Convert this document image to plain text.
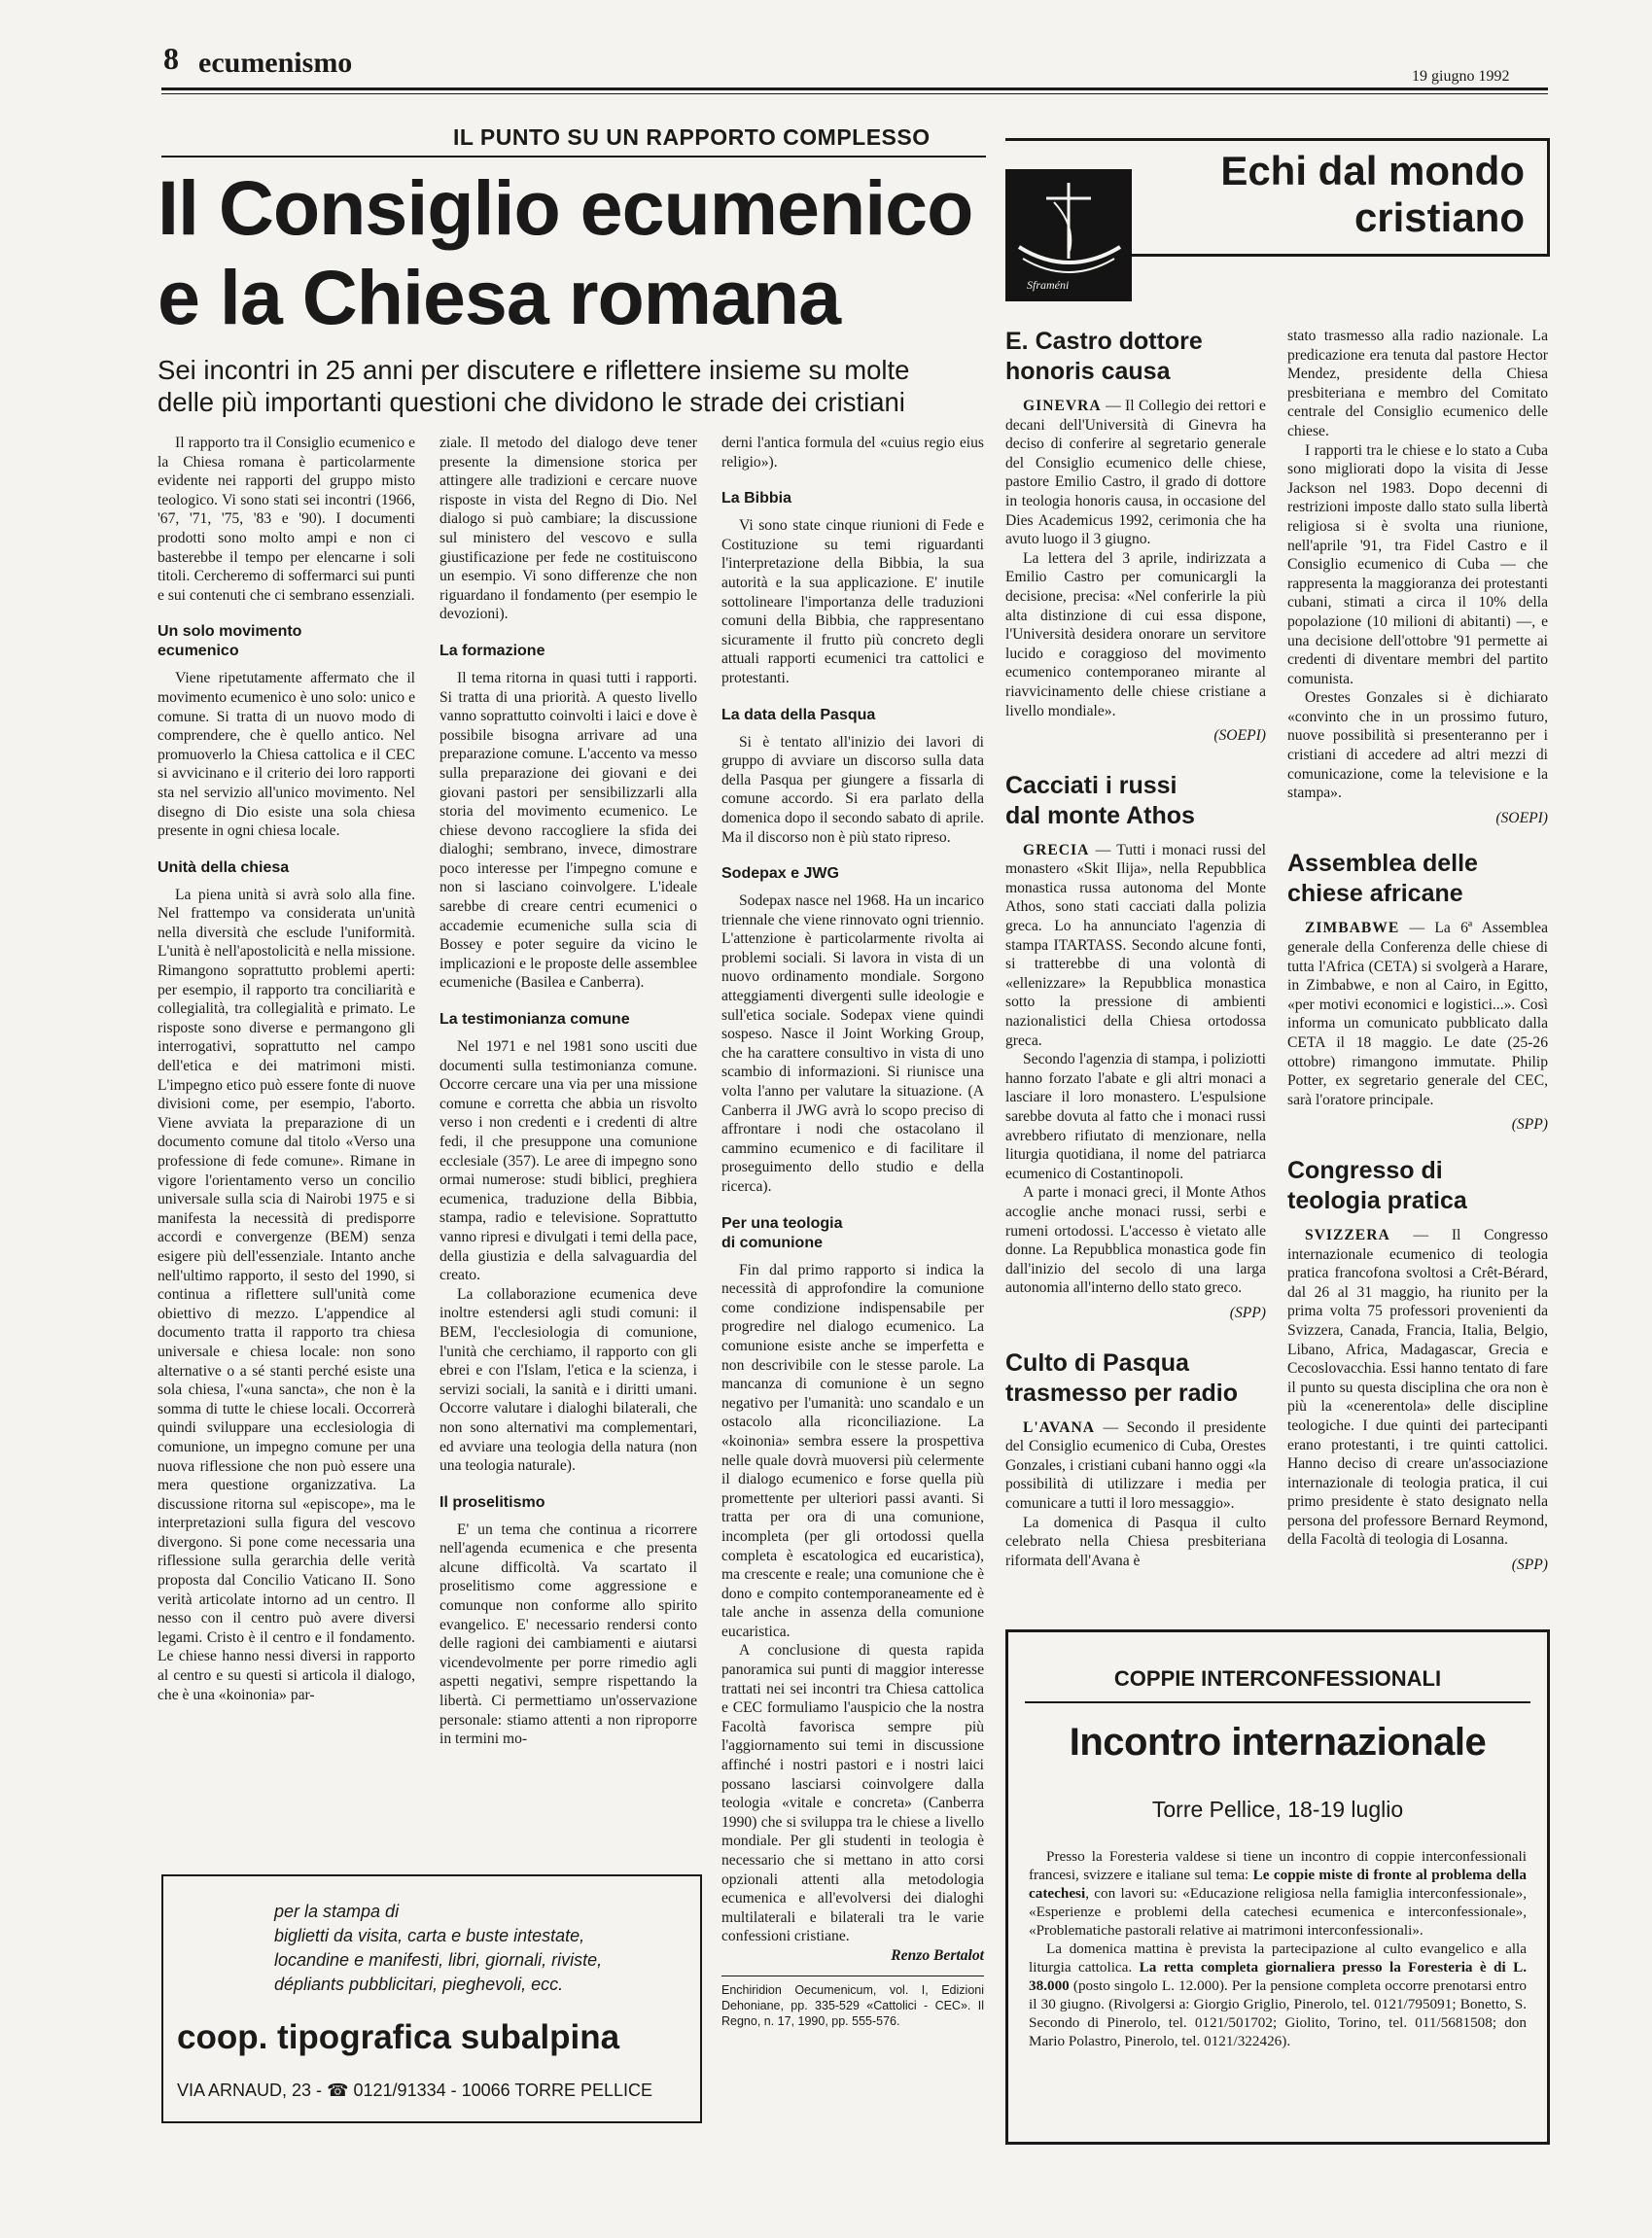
8 ecumenismo	19 giugno 1992
IL PUNTO SU UN RAPPORTO COMPLESSO
Il Consiglio ecumenico
e la Chiesa romana
Sei incontri in 25 anni per discutere e riflettere insieme su molte
delle più importanti questioni che dividono le strade dei cristiani

Il rapporto tra il Consiglio ecumenico e la Chiesa romana è particolarmente evidente nei rapporti del gruppo misto teologico. Vi sono stati sei incontri (1966, '67, '71, '75, '83 e '90). I documenti prodotti sono molto ampi e non ci basterebbe il tempo per elencarne i soli titoli. Cercheremo di soffermarci sui punti e sui contenuti che ci sembrano essenziali.

Un solo movimento
ecumenico

Viene ripetutamente affermato che il movimento ecumenico è uno solo: unico e comune. Si tratta di un nuovo modo di comprendere, che è quello antico. Nel promuoverlo la Chiesa cattolica e il CEC si avvicinano e il criterio dei loro rapporti sta nel servizio all'unico movimento. Nel disegno di Dio esiste una sola chiesa presente in ogni chiesa locale.

Unità della chiesa

La piena unità si avrà solo alla fine. Nel frattempo va considerata un'unità nella diversità che esclude l'uniformità. L'unità è nell'apostolicità e nella missione. Rimangono soprattutto problemi aperti: per esempio, il rapporto tra conciliarità e collegialità, tra collegialità e primato. Le risposte sono diverse e permangono gli interrogativi, soprattutto nel campo dell'etica e dei matrimoni misti. L'impegno etico può essere fonte di nuove divisioni come, per esempio, l'aborto. Viene avviata la preparazione di un documento comune dal titolo «Verso una professione di fede comune». Rimane in vigore l'orientamento verso un concilio universale sulla scia di Nairobi 1975 e si manifesta la necessità di predisporre accordi e convergenze (BEM) senza esigere più dell'essenziale. Intanto anche nell'ultimo rapporto, il sesto del 1990, si continua a riflettere sull'unità come obiettivo di mezzo. L'appendice al documento tratta il rapporto tra chiesa universale e chiesa locale: non sono alternative o a sé stanti perché esiste una sola chiesa, l'«una sancta», che non è la somma di tutte le chiese locali. Occorrerà quindi sviluppare una ecclesiologia di comunione, un impegno comune per una nuova riflessione che non può essere una mera questione organizzativa. La discussione ritorna sul «episcope», ma le interpretazioni sulla figura del vescovo divergono. Si pone come necessaria una riflessione sulla gerarchia delle verità proposta dal Concilio Vaticano II. Sono verità articolate intorno ad un centro. Il nesso con il centro può avere diversi legami. Cristo è il centro e il fondamento. Le chiese hanno nessi diversi in rapporto al centro e su questi si articola il dialogo, che è una «koinonia» par-

ziale. Il metodo del dialogo deve tener presente la dimensione storica per attingere alle tradizioni e cercare nuove risposte in vista del Regno di Dio. Nel dialogo si può cambiare; la discussione sul ministero del vescovo e sulla giustificazione per fede ne costituiscono un esempio. Vi sono differenze che non riguardano il fondamento (per esempio le devozioni).

La formazione

Il tema ritorna in quasi tutti i rapporti. Si tratta di una priorità. A questo livello vanno soprattutto coinvolti i laici e dove è possibile bisogna arrivare ad una preparazione comune. L'accento va messo sulla preparazione dei giovani e dei giovani pastori per sensibilizzarli alla storia del movimento ecumenico. Le chiese devono raccogliere la sfida dei dialoghi; sembrano, invece, dimostrare poco interesse per l'impegno comune e non si lasciano coinvolgere. L'ideale sarebbe di creare centri ecumenici o accademie ecumeniche sulla scia di Bossey e poter seguire da vicino le implicazioni e le proposte delle assemblee ecumeniche (Basilea e Canberra).

La testimonianza comune

Nel 1971 e nel 1981 sono usciti due documenti sulla testimonianza comune. Occorre cercare una via per una missione comune e corretta che abbia un risvolto verso i non credenti e i credenti di altre fedi, il che presuppone una comunione ecclesiale (357). Le aree di impegno sono ormai numerose: studi biblici, preghiera ecumenica, traduzione della Bibbia, stampa, radio e televisione. Soprattutto vanno ripresi e divulgati i temi della pace, della giustizia e della salvaguardia del creato.

La collaborazione ecumenica deve inoltre estendersi agli studi comuni: il BEM, l'ecclesiologia di comunione, l'unità che cerchiamo, il rapporto con gli ebrei e con l'Islam, l'etica e la scienza, i servizi sociali, la sanità e i diritti umani. Occorre valutare i dialoghi bilaterali, che non sono alternativi ma complementari, ed avviare una teologia della natura (non una teologia naturale).

Il proselitismo

E' un tema che continua a ricorrere nell'agenda ecumenica e che presenta alcune difficoltà. Va scartato il proselitismo come aggressione e comunque non conforme allo spirito evangelico. E' necessario rendersi conto delle ragioni dei cambiamenti e aiutarsi vicendevolmente per porre rimedio agli aspetti negativi, sempre rispettando la libertà. Ci permettiamo un'osservazione personale: stiamo attenti a non riproporre in termini mo-

derni l'antica formula del «cuius regio eius religio»).

La Bibbia

Vi sono state cinque riunioni di Fede e Costituzione su temi riguardanti l'interpretazione della Bibbia, la sua autorità e la sua applicazione. E' inutile sottolineare l'importanza delle traduzioni comuni della Bibbia, che rappresentano sicuramente il frutto più concreto degli attuali rapporti ecumenici tra cattolici e protestanti.

La data della Pasqua

Si è tentato all'inizio dei lavori di gruppo di avviare un discorso sulla data della Pasqua per giungere a fissarla di comune accordo. Si era parlato della domenica dopo il secondo sabato di aprile. Ma il discorso non è più stato ripreso.

Sodepax e JWG

Sodepax nasce nel 1968. Ha un incarico triennale che viene rinnovato ogni triennio. L'attenzione è particolarmente rivolta ai problemi sociali. Si lavora in vista di un nuovo ordinamento mondiale. Sorgono atteggiamenti divergenti sulle ideologie e sull'etica sociale. Sodepax viene quindi sospeso. Nasce il Joint Working Group, che ha carattere consultivo in vista di uno scambio di informazioni. Si riunisce una volta l'anno per valutare la situazione. (A Canberra il JWG avrà lo scopo preciso di affrontare i nodi che ostacolano il cammino ecumenico e di facilitare il proseguimento dello studio e della ricerca).

Per una teologia
di comunione

Fin dal primo rapporto si indica la necessità di approfondire la comunione come condizione indispensabile per progredire nel dialogo ecumenico. La comunione esiste anche se imperfetta e non descrivibile con le stesse parole. La mancanza di comunione è un segno negativo per l'umanità: uno scandalo e un ostacolo alla riconciliazione. La «koinonia» sembra essere la prospettiva nelle quale dovrà muoversi più celermente il dialogo ecumenico e forse quella più promettente per ulteriori passi avanti. Si tratta per ora di una comunione, incompleta (per gli ortodossi quella completa è escatologica ed eucaristica), ma crescente e reale; una comunione che è dono e compito contemporaneamente ed è tale anche in assenza della comunione eucaristica.

A conclusione di questa rapida panoramica sui punti di maggior interesse trattati nei sei incontri tra Chiesa cattolica e CEC formuliamo l'auspicio che la nostra Facoltà favorisca sempre più l'aggiornamento sui temi in discussione affinché i nostri pastori e i nostri laici possano lasciarsi coinvolgere dalla teologia «vitale e concreta» (Canberra 1990) che si sviluppa tra le chiese a livello mondiale. Per gli studenti in teologia è necessario che si mettano in atto corsi opzionali attenti alla metodologia ecumenica e all'evolversi dei dialoghi multilaterali e bilaterali tra le varie confessioni cristiane.

Renzo Bertalot

Enchiridion Oecumenicum, vol. I, Edizioni Dehoniane, pp. 335-529 «Cattolici - CEC». Il Regno, n. 17, 1990, pp. 555-576.

per la stampa di
biglietti da visita, carta e buste intestate,
locandine e manifesti, libri, giornali, riviste,
dépliants pubblicitari, pieghevoli, ecc.
coop. tipografica subalpina
VIA ARNAUD, 23 - ☎ 0121/91334 - 10066 TORRE PELLICE
Sframéni
Echi dal mondo
cristiano
E. Castro dottore
honoris causa

GINEVRA — Il Collegio dei rettori e decani dell'Università di Ginevra ha deciso di conferire al segretario generale del Consiglio ecumenico delle chiese, pastore Emilio Castro, il grado di dottore in teologia honoris causa, in occasione del Dies Academicus 1992, cerimonia che ha avuto luogo il 3 giugno.

La lettera del 3 aprile, indirizzata a Emilio Castro per comunicargli la decisione, precisa: «Nel conferirle la più alta distinzione di cui essa dispone, l'Università desidera onorare un servitore lucido e coraggioso del movimento ecumenico contemporaneo mirante al riavvicinamento delle chiese cristiane a livello mondiale».

(SOEPI)
Cacciati i russi
dal monte Athos

GRECIA — Tutti i monaci russi del monastero «Skit Ilija», nella Repubblica monastica russa autonoma del Monte Athos, sono stati cacciati dalla polizia greca. Lo ha annunciato l'agenzia di stampa ITARTASS. Secondo alcune fonti, si tratterebbe di una volontà di «ellenizzare» la Repubblica monastica sotto la pressione di ambienti nazionalistici della Chiesa ortodossa greca.

Secondo l'agenzia di stampa, i poliziotti hanno forzato l'abate e gli altri monaci a lasciare il loro monastero. L'espulsione sarebbe dovuta al fatto che i monaci russi avrebbero rifiutato di menzionare, nella liturgia quotidiana, il nome del patriarca ecumenico di Costantinopoli.

A parte i monaci greci, il Monte Athos accoglie anche monaci russi, serbi e rumeni ortodossi. L'accesso è vietato alle donne. La Repubblica monastica gode fin dall'inizio del secolo di una larga autonomia all'interno dello stato greco.

(SPP)
Culto di Pasqua
trasmesso per radio

L'AVANA — Secondo il presidente del Consiglio ecumenico di Cuba, Orestes Gonzales, i cristiani cubani hanno oggi «la possibilità di utilizzare i media per comunicare a tutti il loro messaggio».

La domenica di Pasqua il culto celebrato nella Chiesa presbiteriana riformata dell'Avana è

stato trasmesso alla radio nazionale. La predicazione era tenuta dal pastore Hector Mendez, presidente della Chiesa presbiteriana e membro del Comitato centrale del Consiglio ecumenico delle chiese.

I rapporti tra le chiese e lo stato a Cuba sono migliorati dopo la visita di Jesse Jackson nel 1983. Dopo decenni di restrizioni imposte dallo stato sulla libertà religiosa si è svolta una riunione, nell'aprile '91, tra Fidel Castro e il Consiglio ecumenico di Cuba — che rappresenta la maggioranza dei protestanti cubani, stimati a circa il 10% della popolazione (10 milioni di abitanti) —, e una decisione dell'ottobre '91 permette ai credenti di diventare membri del partito comunista.

Orestes Gonzales si è dichiarato «convinto che in un prossimo futuro, nuove possibilità si presenteranno per i cristiani di accedere ad altri mezzi di comunicazione, come la televisione e la stampa».

(SOEPI)
Assemblea delle
chiese africane

ZIMBABWE — La 6ª Assemblea generale della Conferenza delle chiese di tutta l'Africa (CETA) si svolgerà a Harare, in Zimbabwe, e non al Cairo, in Egitto, «per motivi economici e logistici...». Così informa un comunicato pubblicato dalla CETA il 18 maggio. Le date (25-26 ottobre) rimangono immutate. Philip Potter, ex segretario generale del CEC, sarà l'oratore principale.

(SPP)
Congresso di
teologia pratica

SVIZZERA — Il Congresso internazionale ecumenico di teologia pratica francofona svoltosi a Crêt-Bérard, dal 26 al 31 maggio, ha riunito per la prima volta 75 professori provenienti da Svizzera, Canada, Francia, Italia, Belgio, Libano, Africa, Madagascar, Grecia e Cecoslovacchia. Essi hanno tentato di fare il punto su questa disciplina che ora non è più la «cenerentola» delle discipline teologiche. I due quinti dei partecipanti erano protestanti, i tre quinti cattolici. Hanno deciso di creare un'associazione internazionale di teologia pratica, il cui primo presidente è stato designato nella persona del professore Bernard Reymond, della Facoltà di teologia di Losanna.

(SPP)
COPPIE INTERCONFESSIONALI
Incontro internazionale
Torre Pellice, 18-19 luglio

Presso la Foresteria valdese si tiene un incontro di coppie interconfessionali francesi, svizzere e italiane sul tema: Le coppie miste di fronte al problema della catechesi, con lavori su: «Educazione religiosa nella famiglia interconfessionale», «Esperienze e problemi della catechesi ecumenica e interconfessionale», «Problematiche pastorali relative ai matrimoni interconfessionali».

La domenica mattina è prevista la partecipazione al culto evangelico e alla liturgia cattolica. La retta completa giornaliera presso la Foresteria è di L. 38.000 (posto singolo L. 12.000). Per la pensione completa occorre prenotarsi entro il 30 giugno. (Rivolgersi a: Giorgio Griglio, Pinerolo, tel. 0121/795091; Bonetto, S. Secondo di Pinerolo, tel. 0121/501702; Giolito, Torino, tel. 011/5681508; don Mario Polastro, Pinerolo, tel. 0121/322426).
